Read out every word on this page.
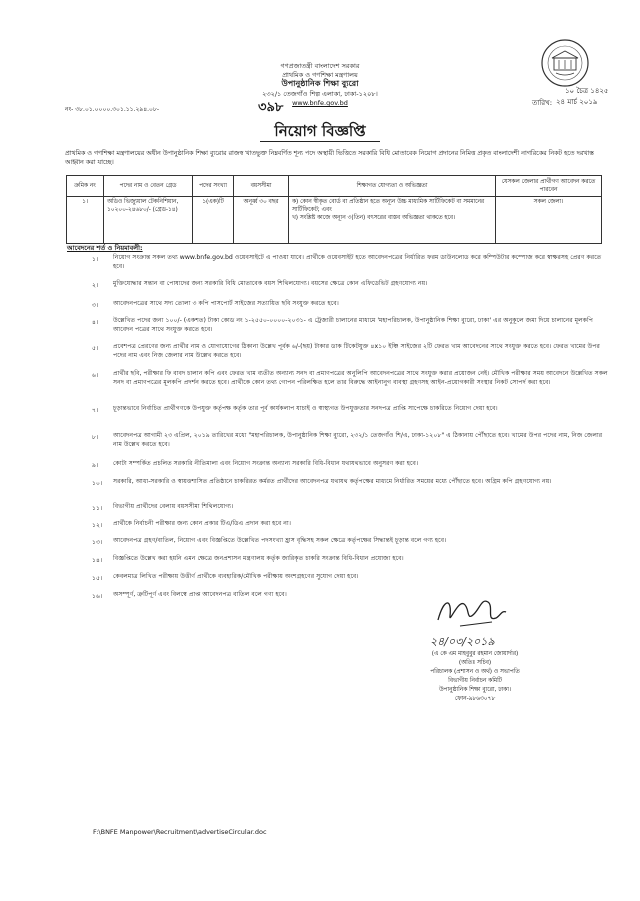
গণপ্রজাতন্ত্রী বাংলাদেশ সরকার
প্রাথমিক ও গণশিক্ষা মন্ত্রণালয়
উপানুষ্ঠানিক শিক্ষা ব্যুরো
২৩২/১ তেজগাঁও শিল্প এলাকা, ঢাকা-১২০৮।
www.bnfe.gov.bd
১০ চৈত্র ১৪২৫
তারিখ: ২৪ মার্চ ২০১৯
নং- ৩৮.০১.০০০০.৩০১.১১.২৯৪.০৮-	৩৯৮
নিয়োগ বিজ্ঞপ্তি
প্রাথমিক ও গণশিক্ষা মন্ত্রণালয়ের অধীন উপানুষ্ঠানিক শিক্ষা ব্যুরোর রাজস্ব খাতভুক্ত নিম্নবর্ণিত শূন্য পদে অস্থায়ী ভিত্তিতে সরকারি বিধি মোতাবেক নিয়োগ প্রদানের নিমিত্ত প্রকৃত বাংলাদেশী নাগরিকের নিকট হতে দরখাস্ত আহ্বান করা যাচ্ছে।
ক্রমিক নং	পদের নাম ও বেতন গ্রেড	পদের সংখ্যা	বয়সসীমা	শিক্ষাগত যোগ্যতা ও অভিজ্ঞতা	যেসকল জেলার প্রার্থীগণ আবেদন করতে পারবেন
১।	অডিও ভিজ্যুয়াল টেকনিশিয়ান, ১০২০০-২৪৬৮০/- (গ্রেড-১৪)	১(এক)টি	অনূর্ধ্ব ৩০ বছর	ক) কোন স্বীকৃত বোর্ড বা প্রতিষ্ঠান হতে অন্যূন উচ্চ মাধ্যমিক সার্টিফিকেট বা সমমানের সার্টিফিকেট; এবং
খ) সংশ্লিষ্ট কাজে অন্যূন ৩(তিন) বৎসরের বাস্তব অভিজ্ঞতা থাকতে হবে।	সকল জেলা।
আবেদনের শর্ত ও নিয়মাবলী:
১। নিয়োগ সংক্রান্ত সকল তথ্য www.bnfe.gov.bd ওয়েবসাইটে এ পাওয়া যাবে। প্রার্থীকে ওয়েবসাইট হতে আবেদনপত্রের নির্ধারিত ফরম ডাউনলোড করে কম্পিউটার কম্পোজ করে স্বাক্ষরসহ প্রেরণ করতে হবে।
২। মুক্তিযোদ্ধার সন্তান বা পোষ্যদের জন্য সরকারি বিধি মোতাবেক বয়স শিথিলযোগ্য। বয়সের ক্ষেত্রে কোন এফিডেভিট গ্রহণযোগ্য নয়।
৩। আবেদনপত্রের সাথে সদ্য তোলা ৩ কপি পাসপোর্ট সাইজের সত্যায়িত ছবি সংযুক্ত করতে হবে।
৪। উল্লেখিত পদের জন্য ১০০/- (একশত) টাকা কোড নং ১-২৫৫০-০০০০-২০৩১- এ ট্রেজারী চালানের মাধ্যমে 'মহাপরিচালক, উপানুষ্ঠানিক শিক্ষা ব্যুরো, ঢাকা' এর অনুকূলে জমা দিয়ে চালানের মূলকপি আবেদন পত্রের সাথে সংযুক্ত করতে হবে।
৫। প্রবেশপত্র প্রেরণের জন্য প্রার্থীর নাম ও যোগাযোগের ঠিকানা উল্লেখ পূর্বক ৬/-(ছয়) টাকার ডাক টিকেটযুক্ত ৪x১০ ইঞ্চি সাইজের ২টি ফেরত খাম আবেদনের সাথে সংযুক্ত করতে হবে। ফেরত খামের উপর পদের নাম এবং নিজ জেলার নাম উল্লেখ করতে হবে।
৬। প্রার্থীর ছবি, পরীক্ষার ফি বাবদ চালান কপি এবং ফেরত খাম ব্যতীত অন্যান্য সনদ বা প্রমাণপত্রের অনুলিপি আবেদনপত্রের সাথে সংযুক্ত করার প্রয়োজন নেই। মৌখিক পরীক্ষার সময় আবেদনে উল্লেখিত সকল সনদ বা প্রমাণপত্রের মূলকপি প্রদর্শন করতে হবে। প্রার্থীকে কোন তথ্য গোপন পরিলক্ষিত হলে তার বিরুদ্ধে আইনানুগ ব্যবস্থা গ্রহণসহ আইন-প্রয়োগকারী সংস্থার নিকট সোপর্দ করা হবে।
৭। চূড়ান্তভাবে নির্বাচিত প্রার্থীগণকে উপযুক্ত কর্তৃপক্ষ কর্তৃক তার পূর্ব কার্যকলাপ যাচাই ও স্বাস্থ্যগত উপযুক্ততার সনদপত্র প্রাপ্তি সাপেক্ষে চাকরিতে নিয়োগ দেয়া হবে।
৮। আবেদনপত্র আগামী ২৩ এপ্রিল, ২০১৯ তারিখের মধ্যে "মহাপরিচালক, উপানুষ্ঠানিক শিক্ষা ব্যুরো, ২৩২/১ তেজগাঁও শি/এ, ঢাকা-১২০৮" এ ঠিকানায় পৌঁছাতে হবে। খামের উপর পদের নাম, নিজ জেলার নাম উল্লেখ করতে হবে।
৯। কোটা সম্পর্কিত প্রচলিত সরকারি নীতিমালা এবং নিয়োগ সংক্রান্ত অন্যান্য সরকারি বিধি-বিধান যথাযথভাবে অনুসরণ করা হবে।
১০। সরকারি, আধা-সরকারি ও স্বায়ত্তশাসিত প্রতিষ্ঠানে চাকরিরত কর্মরত প্রার্থীদের আবেদনপত্র যথাযথ কর্তৃপক্ষের মাধ্যমে নির্ধারিত সময়ের মধ্যে পৌঁছাতে হবে। অগ্রিম কপি গ্রহণযোগ্য নয়।
১১। বিভাগীয় প্রার্থীদের বেলায় বয়সসীমা শিথিলযোগ্য।
১২। প্রার্থীকে নির্বাচনী পরীক্ষার জন্য কোন প্রকার টিএ/ডিএ প্রদান করা হবে না।
১৩। আবেদনপত্র গ্রহণ/বাতিল, নিয়োগ এবং বিজ্ঞপ্তিতে উল্লেখিত পদসংখ্যা হ্রাস বৃদ্ধিসহ সকল ক্ষেত্রে কর্তৃপক্ষের সিদ্ধান্তই চূড়ান্ত বলে গণ্য হবে।
১৪। বিজ্ঞপ্তিতে উল্লেখ করা হয়নি এমন ক্ষেত্রে জনপ্রশাসন মন্ত্রণালয় কর্তৃক জারিকৃত চাকরি সংক্রান্ত বিধি-বিধান প্রযোজ্য হবে।
১৫। কেবলমাত্র লিখিত পরীক্ষায় উত্তীর্ণ প্রার্থীকে ব্যবহারিক/মৌখিক পরীক্ষায় অংশগ্রহণের সুযোগ দেয়া হবে।
১৬। অসম্পূর্ণ, ত্রুটিপূর্ণ এবং বিলম্বে প্রাপ্ত আবেদনপত্র বাতিল বলে গণ্য হবে।
২৪/০৩/২০১৯
(এ কে এম মাহবুবুর রহমান জোয়ার্দার)
(অতিঃ সচিব)
পরিচালক (প্রশাসন ও অর্থ) ও সভাপতি
বিভাগীয় নির্বাচন কমিটি
উপানুষ্ঠানিক শিক্ষা ব্যুরো, ঢাকা।
ফোন-৯৮৬৩০৭৮
F:\BNFE Manpower\Recruitment\advertiseCircular.doc
